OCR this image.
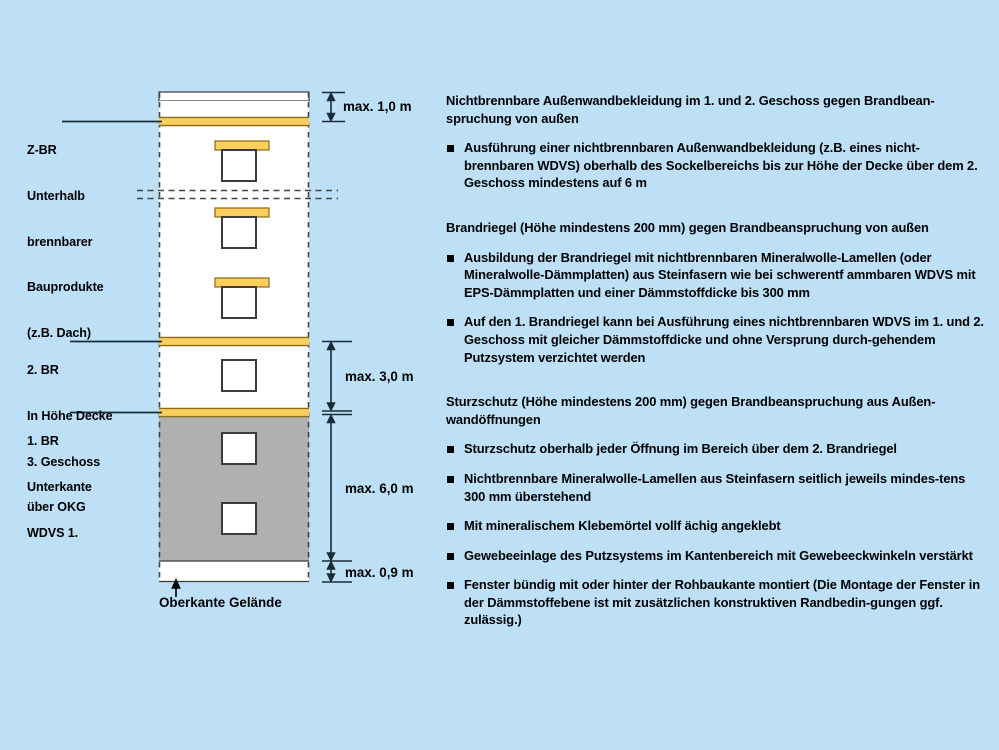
Z-BR

Unterhalb

brennbarer

Bauprodukte

(z.B. Dach)

2. BR

In Höhe Decke

3. Geschoss

über OKG

1. BR

Unterkante

WDVS 1.

max. 1,0 m
max. 3,0 m
max. 6,0 m
max. 0,9 m
Oberkante Gelände
Nichtbrennbare Außenwandbekleidung im 1. und 2. Geschoss gegen Brandbean-spruchung von außen
Ausführung einer nichtbrennbaren Außenwandbekleidung (z.B. eines nicht-brennbaren WDVS) oberhalb des Sockelbereichs bis zur Höhe der Decke über dem 2. Geschoss mindestens auf 6 m
Brandriegel (Höhe mindestens 200 mm) gegen Brandbeanspruchung von außen
Ausbildung der Brandriegel mit nichtbrennbaren Mineralwolle-Lamellen (oder Mineralwolle-Dämmplatten) aus Steinfasern wie bei schwerentf ammbaren WDVS mit EPS-Dämmplatten und einer Dämmstoffdicke bis 300 mm
Auf den 1. Brandriegel kann bei Ausführung eines nichtbrennbaren WDVS im 1. und 2. Geschoss mit gleicher Dämmstoffdicke und ohne Versprung durch-gehendem Putzsystem verzichtet werden
Sturzschutz (Höhe mindestens 200 mm) gegen Brandbeanspruchung aus Außen-wandöffnungen
Sturzschutz oberhalb jeder Öffnung im Bereich über dem 2. Brandriegel
Nichtbrennbare Mineralwolle-Lamellen aus Steinfasern seitlich jeweils mindes-tens 300 mm überstehend
Mit mineralischem Klebemörtel vollf ächig angeklebt
Gewebeeinlage des Putzsystems im Kantenbereich mit Gewebeeckwinkeln verstärkt
Fenster bündig mit oder hinter der Rohbaukante montiert (Die Montage der Fenster in der Dämmstoffebene ist mit zusätzlichen konstruktiven Randbedin-gungen ggf. zulässig.)
